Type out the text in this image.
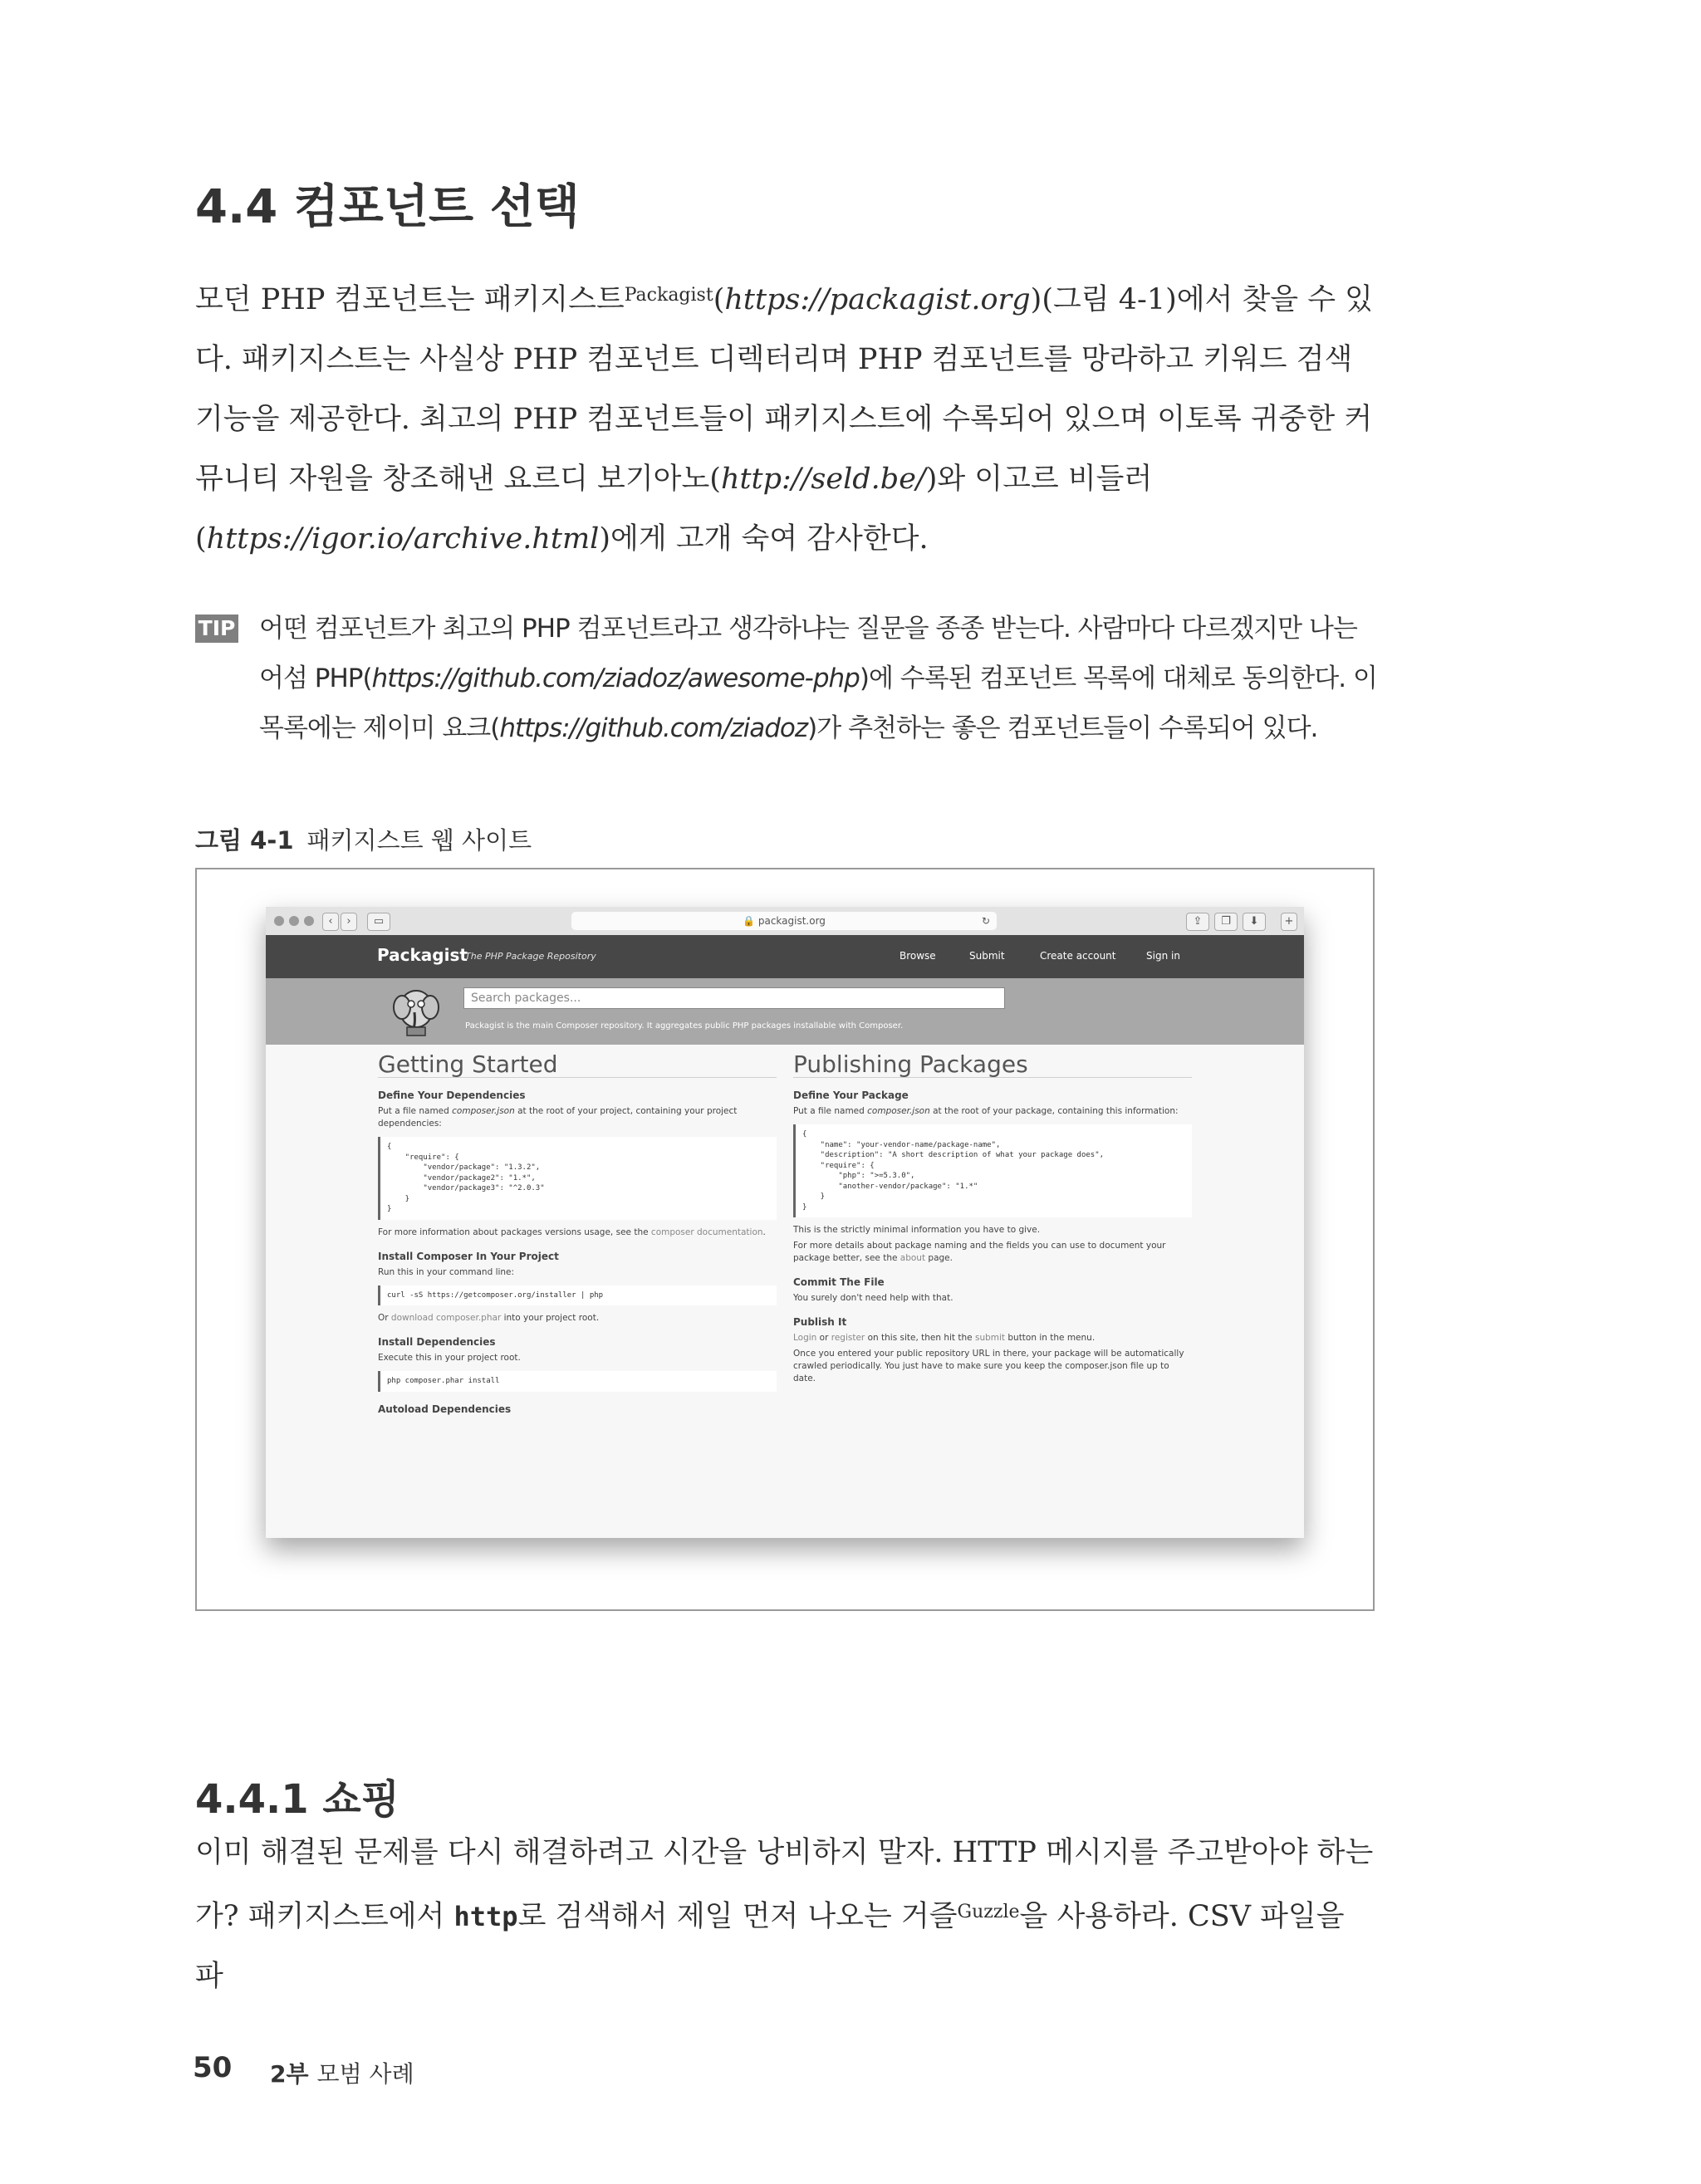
4.4 컴포넌트 선택
모던 PHP 컴포넌트는 패키지스트$^{Packagist}$(https://packagist.org)(그림 4-1)에서 찾을 수 있다. 패키지스트는 사실상 PHP 컴포넌트 디렉터리며 PHP 컴포넌트를 망라하고 키워드 검색 기능을 제공한다. 최고의 PHP 컴포넌트들이 패키지스트에 수록되어 있으며 이토록 귀중한 커뮤니티 자원을 창조해낸 요르디 보기아노(http://seld.be/)와 이고르 비들러(https://igor.io/archive.html)에게 고개 숙여 감사한다.
TIP 어떤 컴포넌트가 최고의 PHP 컴포넌트라고 생각하냐는 질문을 종종 받는다. 사람마다 다르겠지만 나는 어섬 PHP(https://github.com/ziadoz/awesome-php)에 수록된 컴포넌트 목록에 대체로 동의한다. 이 목록에는 제이미 요크(https://github.com/ziadoz)가 추천하는 좋은 컴포넌트들이 수록되어 있다.
그림 4-1 패키지스트 웹 사이트
‹	›	▭	🔒 packagist.org	↻	⇪	❐	⬇	+
Packagist
The PHP Package Repository	Browse	Submit	Create account	Sign in
Search packages...
Packagist is the main Composer repository. It aggregates public PHP packages installable with Composer.
Getting Started
Define Your Dependencies

Put a file named composer.json at the root of your project, containing your project dependencies:

{
"require": {
"vendor/package": "1.3.2",
"vendor/package2": "1.*",
"vendor/package3": "^2.0.3"
}
}

For more information about packages versions usage, see the composer documentation.

Install Composer In Your Project

Run this in your command line:

curl -sS https://getcomposer.org/installer | php

Or download composer.phar into your project root.

Install Dependencies

Execute this in your project root.

php composer.phar install
Autoload Dependencies
Publishing Packages
Define Your Package

Put a file named composer.json at the root of your package, containing this information:

{
"name": "your-vendor-name/package-name",
"description": "A short description of what your package does",
"require": {
"php": ">=5.3.0",
"another-vendor/package": "1.*"
}
}

This is the strictly minimal information you have to give.

For more details about package naming and the fields you can use to document your package better, see the about page.

Commit The File

You surely don't need help with that.

Publish It

Login or register on this site, then hit the submit button in the menu.

Once you entered your public repository URL in there, your package will be automatically crawled periodically. You just have to make sure you keep the composer.json file up to date.

4.4.1 쇼핑
이미 해결된 문제를 다시 해결하려고 시간을 낭비하지 말자. HTTP 메시지를 주고받아야 하는가? 패키지스트에서 http로 검색해서 제일 먼저 나오는 거즐$^{Guzzle}$을 사용하라. CSV 파일을 파
50 2부 모범 사례
